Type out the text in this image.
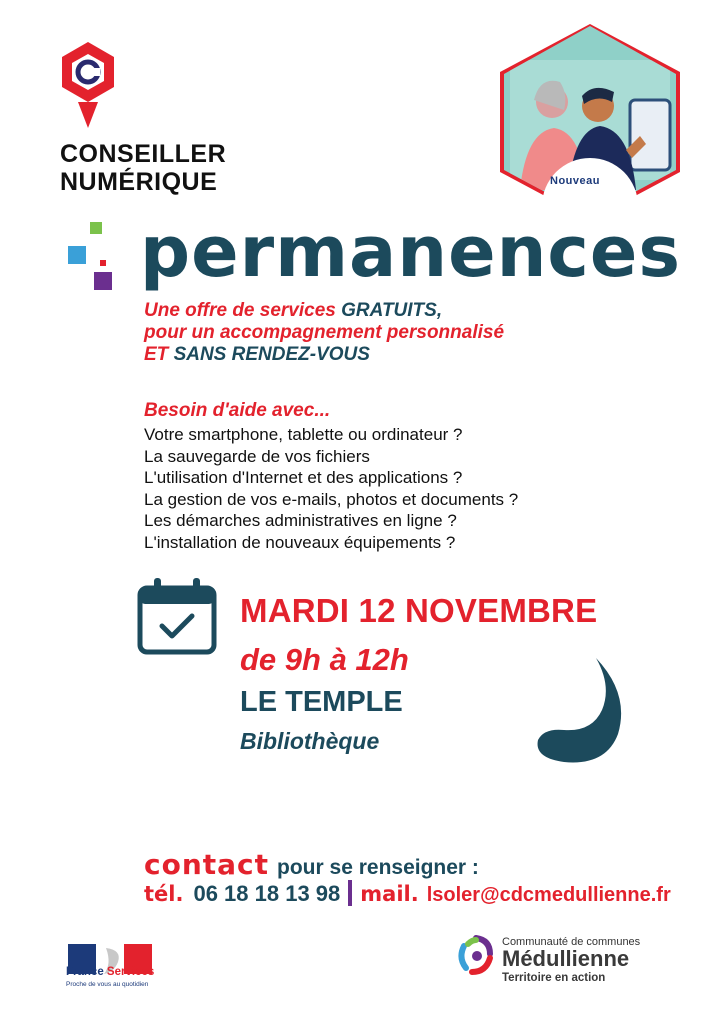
CONSEILLER
NUMÉRIQUE	Nouveau
permanences
Une offre de services GRATUITS,
pour un accompagnement personnalisé
ET SANS RENDEZ-VOUS
Besoin d'aide avec...
Votre smartphone, tablette ou ordinateur ?
La sauvegarde de vos fichiers
L'utilisation d'Internet et des applications ?
La gestion de vos e-mails, photos et documents ?
Les démarches administratives en ligne ?
L'installation de nouveaux équipements ?
MARDI 12 NOVEMBRE
de 9h à 12h
LE TEMPLE
Bibliothèque
contact pour se renseigner :
tél. 06 18 18 13 98 mail. lsoler@cdcmedullienne.fr
France Services
Proche de vous au quotidien
Communauté de communes
Médullienne
Territoire en action
